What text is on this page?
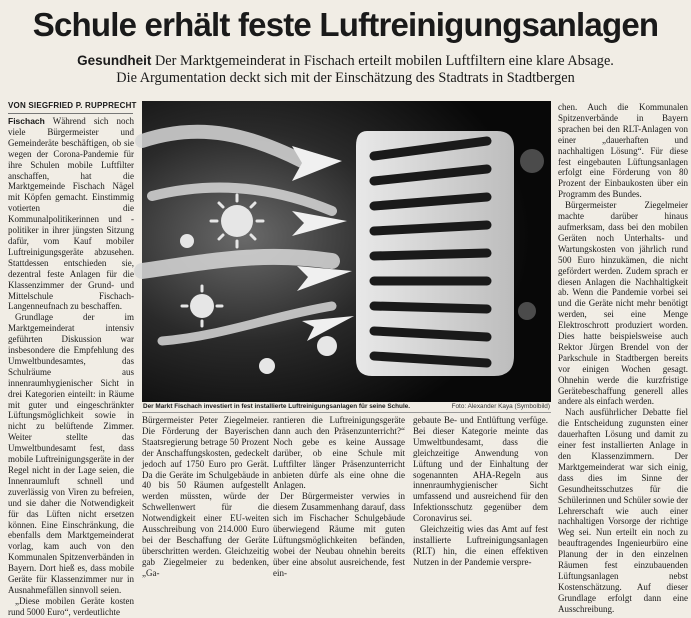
Schule erhält feste Luftreinigungsanlagen
Gesundheit Der Marktgemeinderat in Fischach erteilt mobilen Luftfiltern eine klare Absage.
Die Argumentation deckt sich mit der Einschätzung des Stadtrats in Stadtbergen
VON SIEGFRIED P. RUPPRECHT

Fischach Während sich noch viele Bürgermeister und Gemeinderäte beschäftigen, ob sie wegen der Corona-Pandemie für ihre Schulen mobile Luftfilter anschaffen, hat die Marktgemeinde Fischach Nägel mit Köpfen gemacht. Einstimmig votierten die Kommunalpolitikerinnen und -politiker in ihrer jüngsten Sitzung dafür, vom Kauf mobiler Luftreinigungsgeräte abzusehen. Stattdessen entschieden sie, dezentral feste Anlagen für die Klassenzimmer der Grund- und Mittelschule Fischach-Langenneufnach zu beschaffen.

Grundlage der im Marktgemeinderat intensiv geführten Diskussion war insbesondere die Empfehlung des Umweltbundesamtes, das Schulräume aus innenraumhygienischer Sicht in drei Kategorien einteilt: in Räume mit guter und eingeschränkter Lüftungsmöglichkeit sowie in nicht zu belüftende Zimmer. Weiter stellte das Umweltbundesamt fest, dass mobile Luftreinigungsgeräte in der Regel nicht in der Lage seien, die Innenraumluft schnell und zuverlässig von Viren zu befreien, und sie daher die Notwendigkeit für das Lüften nicht ersetzen können. Eine Einschränkung, die ebenfalls dem Marktgemeinderat vorlag, kam auch von den Kommunalen Spitzenverbänden in Bayern. Dort hieß es, dass mobile Geräte für Klassenzimmer nur in Ausnahmefällen sinnvoll seien.

„Diese mobilen Geräte kosten rund 5000 Euro“, verdeutlichte

Der Markt Fischach investiert in fest installierte Luftreinigungsanlagen für seine Schule.	Foto: Alexander Kaya (Symbolbild)

Bürgermeister Peter Ziegelmeier. Die Förderung der Bayerischen Staatsregierung betrage 50 Prozent der Anschaffungskosten, gedeckelt jedoch auf 1750 Euro pro Gerät. Da die Geräte im Schulgebäude in 40 bis 50 Räumen aufgestellt werden müssten, würde der Schwellenwert für die Notwendigkeit einer EU-weiten Ausschreibung von 214.000 Euro bei der Beschaffung der Geräte überschritten werden. Gleichzeitig gab Ziegelmeier zu bedenken, „Ga-

rantieren die Luftreinigungsgeräte dann auch den Präsenzunterricht?“ Noch gebe es keine Aussage darüber, ob eine Schule mit Luftfilter länger Präsenzunterricht anbieten dürfe als eine ohne die Anlagen.

Der Bürgermeister verwies in diesem Zusammenhang darauf, dass sich im Fischacher Schulgebäude überwiegend Räume mit guten Lüftungsmöglichkeiten befänden, wobei der Neubau ohnehin bereits über eine absolut ausreichende, fest ein-

gebaute Be- und Entlüftung verfüge. Bei dieser Kategorie meinte das Umweltbundesamt, dass die gleichzeitige Anwendung von Lüftung und der Einhaltung der sogenannten AHA-Regeln aus innenraumhygienischer Sicht umfassend und ausreichend für den Infektionsschutz gegenüber dem Coronavirus sei.

Gleichzeitig wies das Amt auf fest installierte Luftreinigungsanlagen (RLT) hin, die einen effektiven Nutzen in der Pandemie verspre-

chen. Auch die Kommunalen Spitzenverbände in Bayern sprachen bei den RLT-Anlagen von einer „dauerhaften und nachhaltigen Lösung“. Für diese fest eingebauten Lüftungsanlagen erfolgt eine Förderung von 80 Prozent der Einbaukosten über ein Programm des Bundes.

Bürgermeister Ziegelmeier machte darüber hinaus aufmerksam, dass bei den mobilen Geräten noch Unterhalts- und Wartungskosten von jährlich rund 500 Euro hinzukämen, die nicht gefördert werden. Zudem sprach er diesen Anlagen die Nachhaltigkeit ab. Wenn die Pandemie vorbei sei und die Geräte nicht mehr benötigt werden, sei eine Menge Elektroschrott produziert worden. Dies hatte beispielsweise auch Rektor Jürgen Brendel von der Parkschule in Stadtbergen bereits vor einigen Wochen gesagt. Ohnehin werde die kurzfristige Gerätebeschaffung generell alles andere als einfach werden.

Nach ausführlicher Debatte fiel die Entscheidung zugunsten einer dauerhaften Lösung und damit zu einer fest installierten Anlage in den Klassenzimmern. Der Marktgemeinderat war sich einig, dass dies im Sinne der Gesundheitsschutzes für die Schülerinnen und Schüler sowie der Lehrerschaft wie auch einer nachhaltigen Vorsorge der richtige Weg sei. Nun erteilt ein noch zu beauftragendes Ingenieurbüro eine Planung der in den einzelnen Räumen fest einzubauenden Lüftungsanlagen nebst Kostenschätzung. Auf dieser Grundlage erfolgt dann eine Ausschreibung.
